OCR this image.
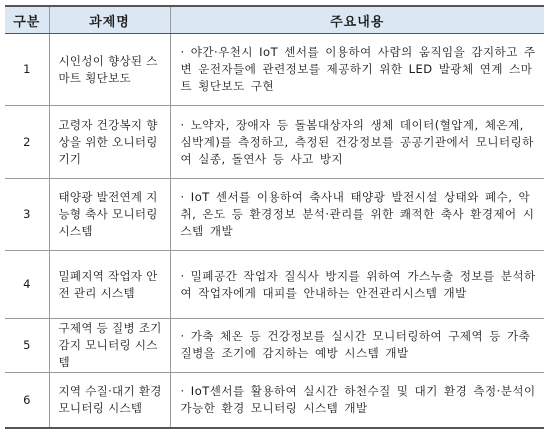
구분	과제명	주요내용
1	시인성이 향상된 스마트 횡단보도	· 야간·우천시 IoT 센서를 이용하여 사람의 움직임을 감지하고 주변 운전자들에 관련정보를 제공하기 위한 LED 발광체 연계 스마트 횡단보도 구현
2	고령자 건강복지 향상을 위한 오니터링 기기	· 노약자, 장애자 등 돌봄대상자의 생체 데이터(혈압계, 체온계, 심박계)를 측정하고, 측정된 건강정보를 공공기관에서 모니터링하여 실종, 돌연사 등 사고 방지
3	태양광 발전연계 지능형 축사 모니터링 시스템	· IoT 센서를 이용하여 축사내 태양광 발전시설 상태와 폐수, 악취, 온도 등 환경정보 분석·관리를 위한 쾌적한 축사 환경제어 시스템 개발
4	밀폐지역 작업자 안전 관리 시스템	· 밀폐공간 작업자 질식사 방지를 위하여 가스누출 정보를 분석하여 작업자에게 대피를 안내하는 안전관리시스템 개발
5	구제역 등 질병 조기 감지 모니터링 시스템	· 가축 체온 등 건강정보를 실시간 모니터링하여 구제역 등 가축질병을 조기에 감지하는 예방 시스템 개발
6	지역 수질·대기 환경 모니터링 시스템	· IoT센서를 활용하여 실시간 하천수질 및 대기 환경 측정·분석이 가능한 환경 모니터링 시스템 개발
